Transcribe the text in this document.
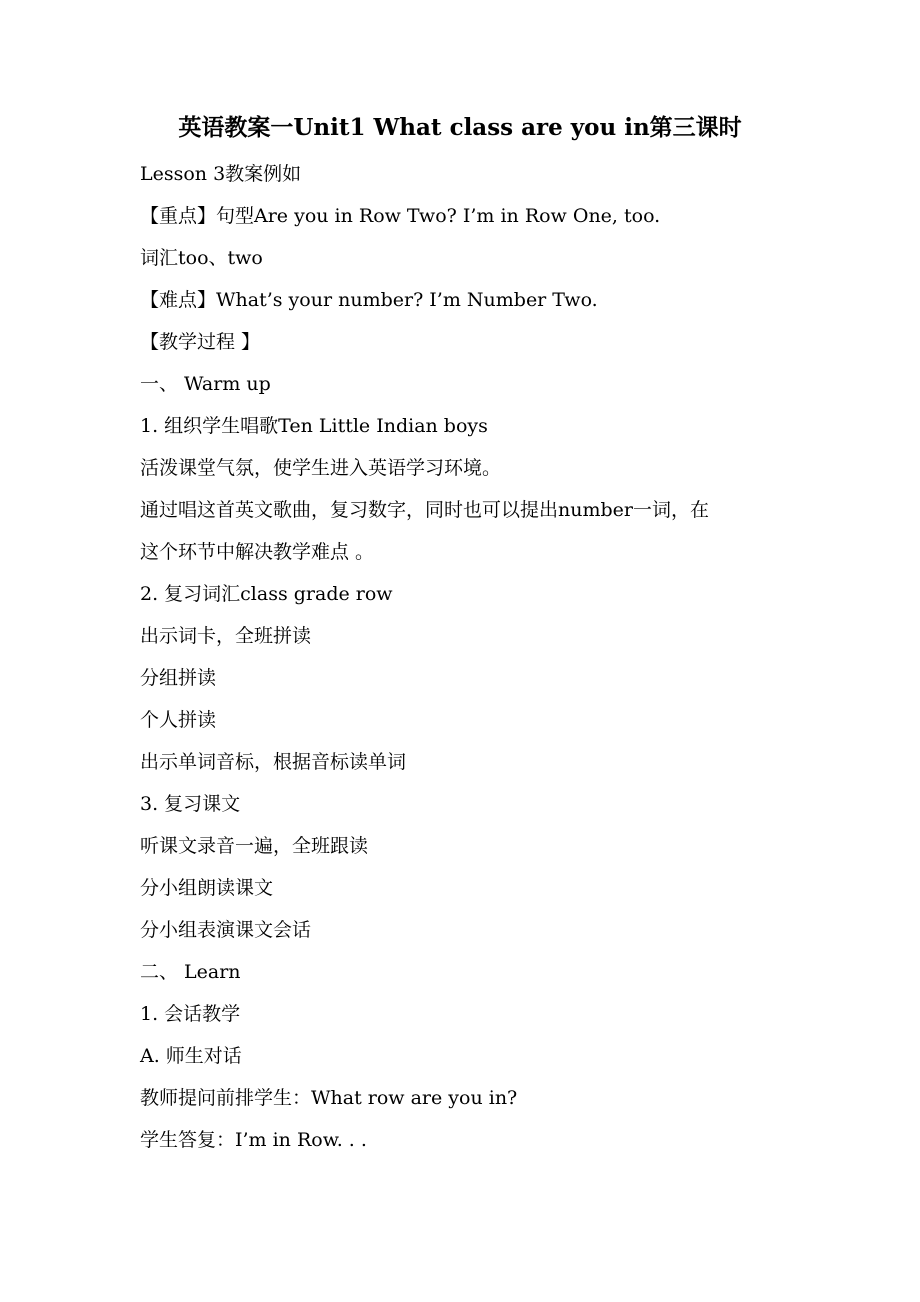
英语教案一Unit1 What class are you in第三课时
Lesson 3教案例如
【重点】句型Are you in Row Two? I’m in Row One, too.
词汇too、two
【难点】What’s your number? I’m Number Two.
【教学过程 】
一、 Warm up
1. 组织学生唱歌Ten Little Indian boys
活泼课堂气氛，使学生进入英语学习环境。
通过唱这首英文歌曲，复习数字，同时也可以提出number一词，在
这个环节中解决教学难点 。
2. 复习词汇class grade row
出示词卡，全班拼读
分组拼读
个人拼读
出示单词音标，根据音标读单词
3. 复习课文
听课文录音一遍，全班跟读
分小组朗读课文
分小组表演课文会话
二、 Learn
1. 会话教学
A. 师生对话
教师提问前排学生：What row are you in?
学生答复：I’m in Row. . .
